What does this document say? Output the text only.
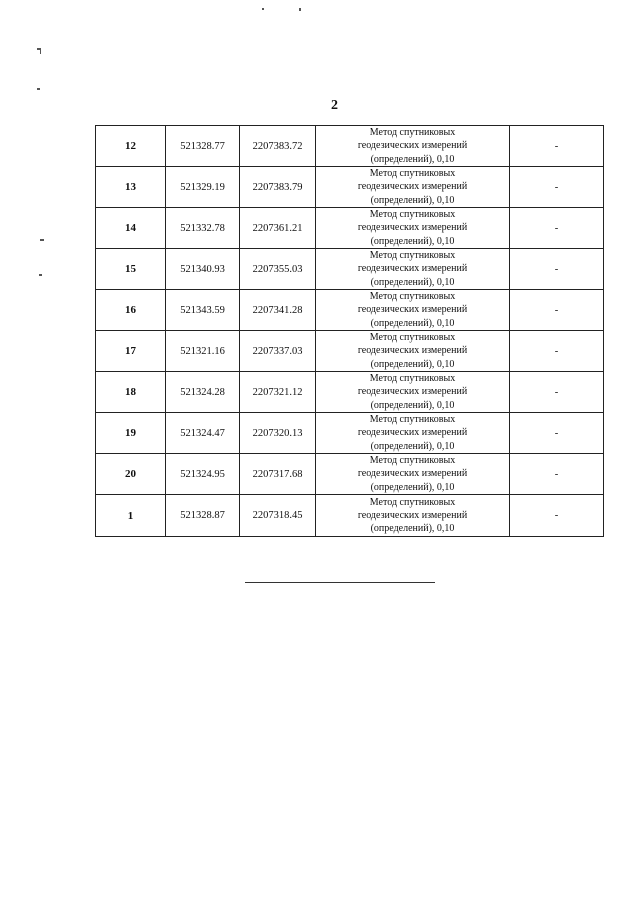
2
12	521328.77	2207383.72	Метод спутниковых
геодезических измерений
(определений), 0,10	-
13	521329.19	2207383.79	Метод спутниковых
геодезических измерений
(определений), 0,10	-
14	521332.78	2207361.21	Метод спутниковых
геодезических измерений
(определений), 0,10	-
15	521340.93	2207355.03	Метод спутниковых
геодезических измерений
(определений), 0,10	-
16	521343.59	2207341.28	Метод спутниковых
геодезических измерений
(определений), 0,10	-
17	521321.16	2207337.03	Метод спутниковых
геодезических измерений
(определений), 0,10	-
18	521324.28	2207321.12	Метод спутниковых
геодезических измерений
(определений), 0,10	-
19	521324.47	2207320.13	Метод спутниковых
геодезических измерений
(определений), 0,10	-
20	521324.95	2207317.68	Метод спутниковых
геодезических измерений
(определений), 0,10	-
1	521328.87	2207318.45	Метод спутниковых
геодезических измерений
(определений), 0,10	-
